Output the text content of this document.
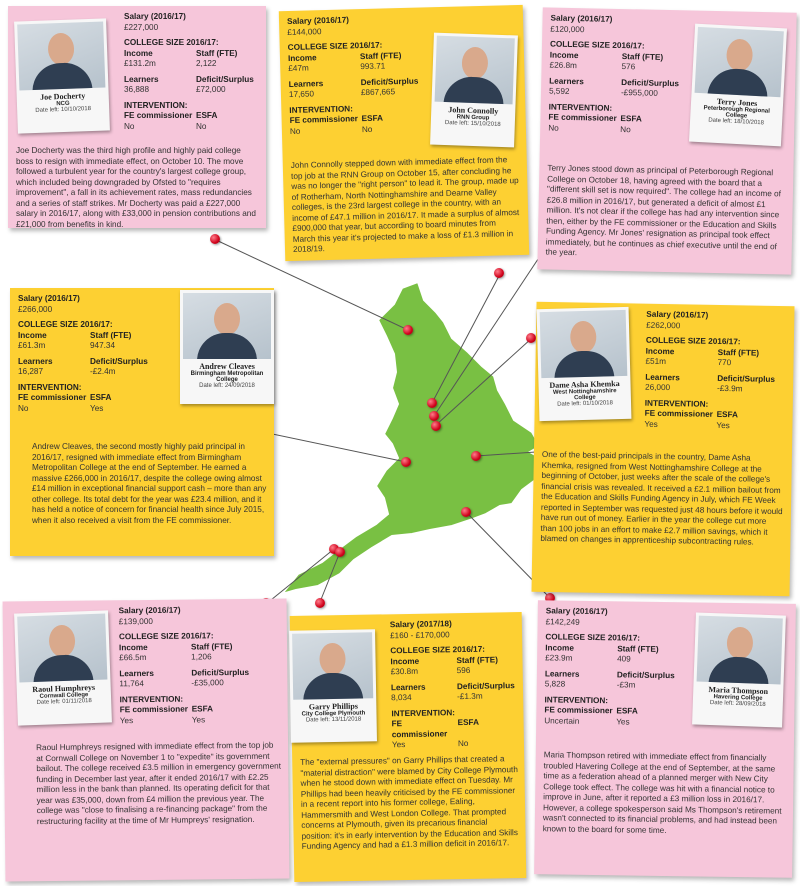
Salary (2016/17)
£227,000
COLLEGE SIZE 2016/17:
Income	Staff (FTE)
£131.2m	2,122
Learners	Deficit/Surplus
36,888	£72,000
INTERVENTION:
FE commissioner ESFA
No	No
Joe Docherty was the third high profile and highly paid college boss to resign with immediate effect, on October 10. The move followed a turbulent year for the country's largest college group, which included being downgraded by Ofsted to "requires improvement", a fall in its achievement rates, mass redundancies and a series of staff strikes. Mr Docherty was paid a £227,000 salary in 2016/17, along with £33,000 in pension contributions and £21,000 from benefits in kind.
Joe Docherty
NCG
Date left: 10/10/2018
Salary (2016/17)
£144,000
COLLEGE SIZE 2016/17:
Income	Staff (FTE)
£47m	993.71
Learners	Deficit/Surplus
17,650	£867,665
INTERVENTION:
FE commissioner ESFA
No	No
John Connolly stepped down with immediate effect from the top job at the RNN Group on October 15, after concluding he was no longer the "right person" to lead it. The group, made up of Rotherham, North Nottinghamshire and Dearne Valley colleges, is the 23rd largest college in the country, with an income of £47.1 million in 2016/17. It made a surplus of almost £900,000 that year, but according to board minutes from March this year it's projected to make a loss of £1.3 million in 2018/19.
John Connolly
RNN Group
Date left: 15/10/2018
Salary (2016/17)
£120,000
COLLEGE SIZE 2016/17:
Income	Staff (FTE)
£26.8m	576
Learners	Deficit/Surplus
5,592	-£955,000
INTERVENTION:
FE commissioner ESFA
No	No
Terry Jones stood down as principal of Peterborough Regional College on October 18, having agreed with the board that a "different skill set is now required". The college had an income of £26.8 million in 2016/17, but generated a deficit of almost £1 million. It's not clear if the college has had any intervention since then, either by the FE commissioner or the Education and Skills Funding Agency. Mr Jones' resignation as principal took effect immediately, but he continues as chief executive until the end of the year.
Terry Jones
Peterborough Regional College
Date left: 18/10/2018
Salary (2016/17)
£266,000
COLLEGE SIZE 2016/17:
Income	Staff (FTE)
£61.3m	947.34
Learners	Deficit/Surplus
16,287	-£2.4m
INTERVENTION:
FE commissioner ESFA
No	Yes
Andrew Cleaves, the second mostly highly paid principal in 2016/17, resigned with immediate effect from Birmingham Metropolitan College at the end of September. He earned a massive £266,000 in 2016/17, despite the college owing almost £14 million in exceptional financial support cash – more than any other college. Its total debt for the year was £23.4 million, and it has held a notice of concern for financial health since July 2015, when it also received a visit from the FE commissioner.
Andrew Cleaves
Birmingham Metropolitan College
Date left: 24/09/2018
Salary (2016/17)
£262,000
COLLEGE SIZE 2016/17:
Income	Staff (FTE)
£51m	770
Learners	Deficit/Surplus
26,000	-£3.9m
INTERVENTION:
FE commissioner ESFA
Yes	Yes
One of the best-paid principals in the country, Dame Asha Khemka, resigned from West Nottinghamshire College at the beginning of October, just weeks after the scale of the college's financial crisis was revealed. It received a £2.1 million bailout from the Education and Skills Funding Agency in July, which FE Week reported in September was requested just 48 hours before it would have run out of money. Earlier in the year the college cut more than 100 jobs in an effort to make £2.7 million savings, which it blamed on changes in apprenticeship subcontracting rules.
Dame Asha Khemka
West Nottinghamshire College
Date left: 01/10/2018
Salary (2016/17)
£139,000
COLLEGE SIZE 2016/17:
Income	Staff (FTE)
£66.5m	1,206
Learners	Deficit/Surplus
11,764	-£35,000
INTERVENTION:
FE commissioner ESFA
Yes	Yes
Raoul Humphreys resigned with immediate effect from the top job at Cornwall College on November 1 to "expedite" its government bailout. The college received £3.5 million in emergency government funding in December last year, after it ended 2016/17 with £2.25 million less in the bank than planned. Its operating deficit for that year was £35,000, down from £4 million the previous year. The college was "close to finalising a re-financing package" from the restructuring facility at the time of Mr Humpreys' resignation.
Raoul Humphreys
Cornwall College
Date left: 01/11/2018
Salary (2017/18)
£160 - £170,000
COLLEGE SIZE 2016/17:
Income	Staff (FTE)
£30.8m	596
Learners	Deficit/Surplus
8,034	-£1.3m
INTERVENTION:
FE commissioner
ESFA
Yes	No
The "external pressures" on Garry Phillips that created a "material distraction" were blamed by City College Plymouth when he stood down with immediate effect on Tuesday. Mr Phillips had been heavily criticised by the FE commissioner in a recent report into his former college, Ealing, Hammersmith and West London College. That prompted concerns at Plymouth, given its precarious financial position: it's in early intervention by the Education and Skills Funding Agency and had a £1.3 million deficit in 2016/17.
Garry Phillips
City College Plymouth
Date left: 13/11/2018
Salary (2016/17)
£142,249
COLLEGE SIZE 2016/17:
Income	Staff (FTE)
£23.9m	409
Learners	Deficit/Surplus
5,828	-£3m
INTERVENTION:
FE commissioner ESFA
Uncertain	Yes
Maria Thompson retired with immediate effect from financially troubled Havering College at the end of September, at the same time as a federation ahead of a planned merger with New City College took effect. The college was hit with a financial notice to improve in June, after it reported a £3 million loss in 2016/17. However, a college spokesperson said Ms Thompson's retirement wasn't connected to its financial problems, and had instead been known to the board for some time.
Maria Thompson
Havering College
Date left: 28/09/2018
